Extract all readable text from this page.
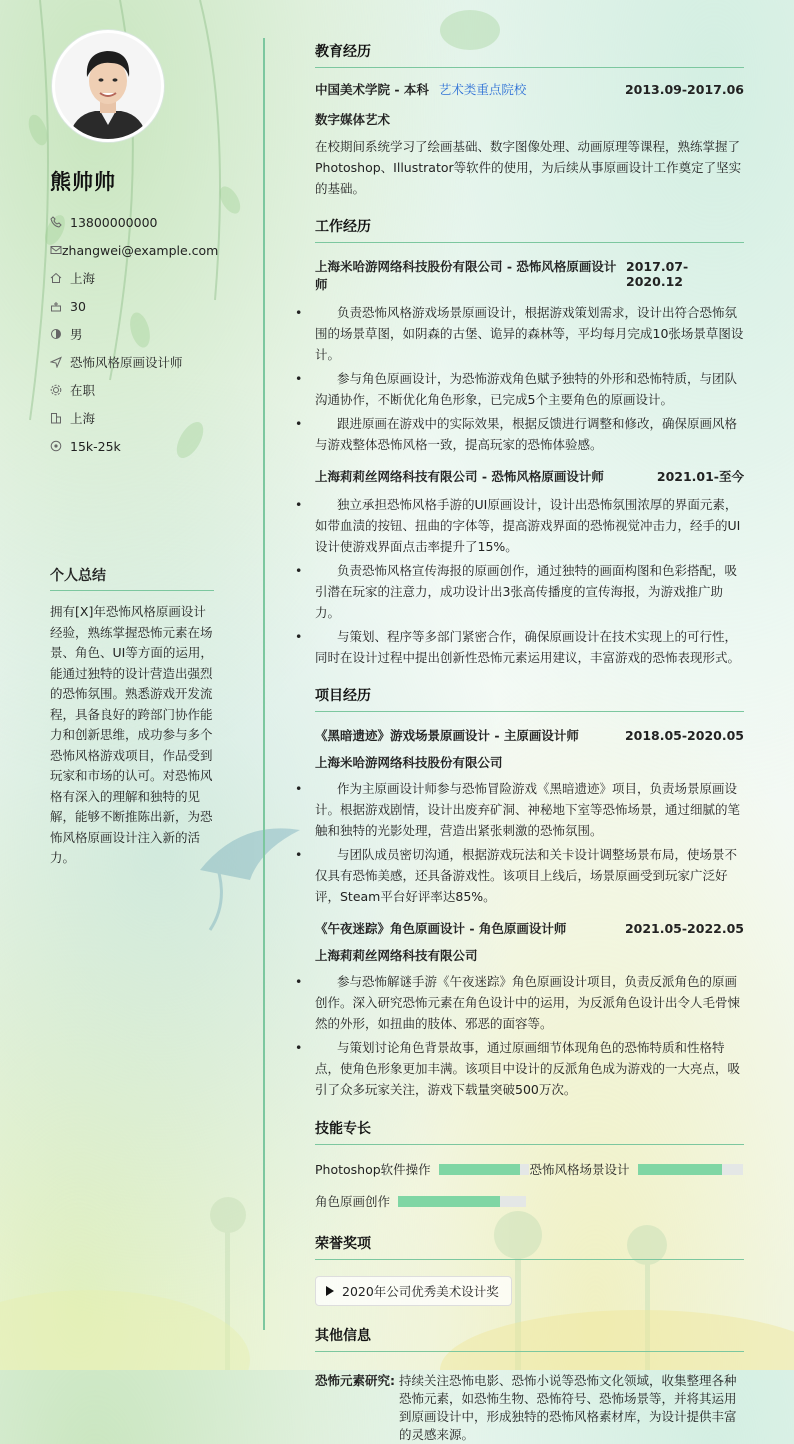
熊帅帅
13800000000
zhangwei@example.com
上海
30
男
恐怖风格原画设计师
在职
上海
15k-25k
个人总结
拥有[X]年恐怖风格原画设计经验，熟练掌握恐怖元素在场景、角色、UI等方面的运用，能通过独特的设计营造出强烈的恐怖氛围。熟悉游戏开发流程，具备良好的跨部门协作能力和创新思维，成功参与多个恐怖风格游戏项目，作品受到玩家和市场的认可。对恐怖风格有深入的理解和独特的见解，能够不断推陈出新，为恐怖风格原画设计注入新的活力。
教育经历
中国美术学院 - 本科 艺术类重点院校	2013.09-2017.06
数字媒体艺术
在校期间系统学习了绘画基础、数字图像处理、动画原理等课程，熟练掌握了Photoshop、Illustrator等软件的使用，为后续从事原画设计工作奠定了坚实的基础。
工作经历
上海米哈游网络科技股份有限公司 - 恐怖风格原画设计师
2017.07-2020.12
• 负责恐怖风格游戏场景原画设计，根据游戏策划需求，设计出符合恐怖氛围的场景草图，如阴森的古堡、诡异的森林等，平均每月完成10张场景草图设计。
• 参与角色原画设计，为恐怖游戏角色赋予独特的外形和恐怖特质，与团队沟通协作，不断优化角色形象，已完成5个主要角色的原画设计。
• 跟进原画在游戏中的实际效果，根据反馈进行调整和修改，确保原画风格与游戏整体恐怖风格一致，提高玩家的恐怖体验感。
上海莉莉丝网络科技有限公司 - 恐怖风格原画设计师	2021.01-至今
• 独立承担恐怖风格手游的UI原画设计，设计出恐怖氛围浓厚的界面元素，如带血渍的按钮、扭曲的字体等，提高游戏界面的恐怖视觉冲击力，经手的UI设计使游戏界面点击率提升了15%。
• 负责恐怖风格宣传海报的原画创作，通过独特的画面构图和色彩搭配，吸引潜在玩家的注意力，成功设计出3张高传播度的宣传海报，为游戏推广助力。
• 与策划、程序等多部门紧密合作，确保原画设计在技术实现上的可行性，同时在设计过程中提出创新性恐怖元素运用建议，丰富游戏的恐怖表现形式。
项目经历
《黑暗遗迹》游戏场景原画设计 - 主原画设计师	2018.05-2020.05
上海米哈游网络科技股份有限公司
• 作为主原画设计师参与恐怖冒险游戏《黑暗遗迹》项目，负责场景原画设计。根据游戏剧情，设计出废弃矿洞、神秘地下室等恐怖场景，通过细腻的笔触和独特的光影处理，营造出紧张刺激的恐怖氛围。
• 与团队成员密切沟通，根据游戏玩法和关卡设计调整场景布局，使场景不仅具有恐怖美感，还具备游戏性。该项目上线后，场景原画受到玩家广泛好评，Steam平台好评率达85%。
《午夜迷踪》角色原画设计 - 角色原画设计师	2021.05-2022.05
上海莉莉丝网络科技有限公司
• 参与恐怖解谜手游《午夜迷踪》角色原画设计项目，负责反派角色的原画创作。深入研究恐怖元素在角色设计中的运用，为反派角色设计出令人毛骨悚然的外形，如扭曲的肢体、邪恶的面容等。
• 与策划讨论角色背景故事，通过原画细节体现角色的恐怖特质和性格特点，使角色形象更加丰满。该项目中设计的反派角色成为游戏的一大亮点，吸引了众多玩家关注，游戏下载量突破500万次。
技能专长
Photoshop软件操作	恐怖风格场景设计
角色原画创作
荣誉奖项
2020年公司优秀美术设计奖
其他信息
恐怖元素研究: 持续关注恐怖电影、恐怖小说等恐怖文化领域，收集整理各种恐怖元素，如恐怖生物、恐怖符号、恐怖场景等，并将其运用到原画设计中，形成独特的恐怖风格素材库，为设计提供丰富的灵感来源。
